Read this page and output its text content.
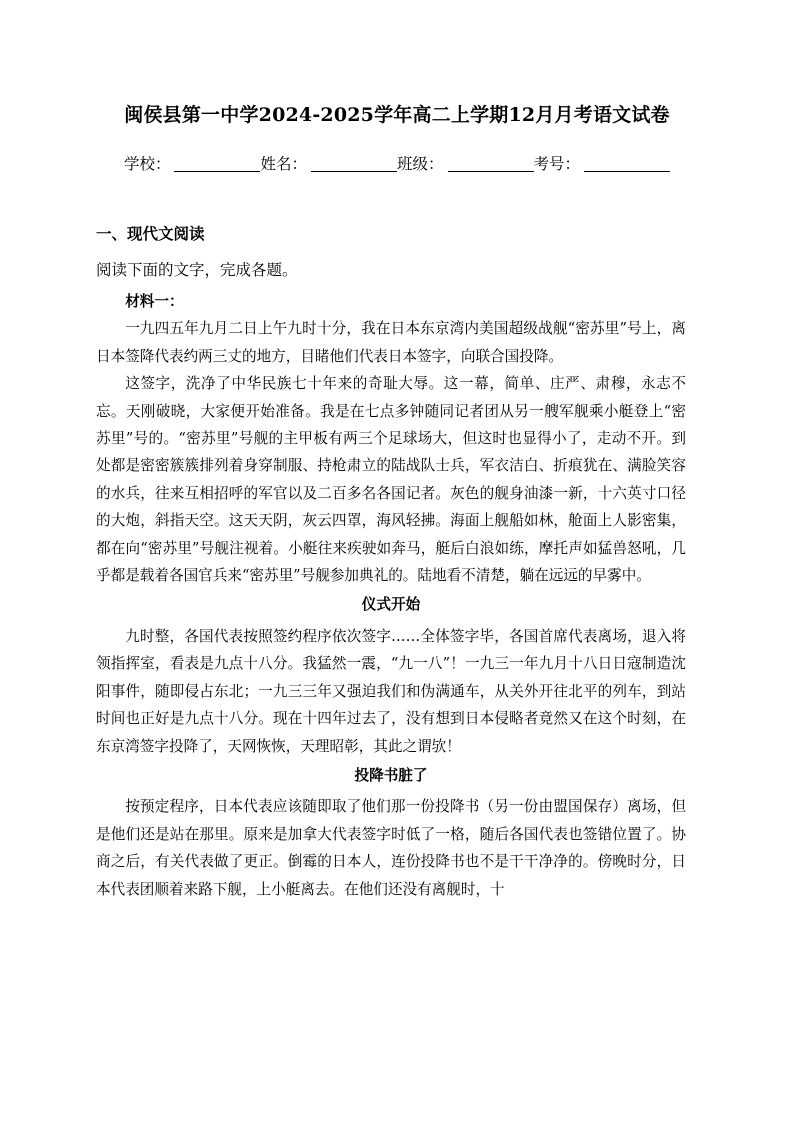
闽侯县第一中学2024-2025学年高二上学期12月月考语文试卷
学校：	姓名：	班级：	考号：
一、现代文阅读
阅读下面的文字，完成各题。

材料一：

一九四五年九月二日上午九时十分，我在日本东京湾内美国超级战舰“密苏里”号上，离日本签降代表约两三丈的地方，目睹他们代表日本签字，向联合国投降。

这签字，洗净了中华民族七十年来的奇耻大辱。这一幕，简单、庄严、肃穆，永志不忘。天刚破晓，大家便开始准备。我是在七点多钟随同记者团从另一艘军舰乘小艇登上“密苏里”号的。“密苏里”号舰的主甲板有两三个足球场大，但这时也显得小了，走动不开。到处都是密密簇簇排列着身穿制服、持枪肃立的陆战队士兵，军衣洁白、折痕犹在、满脸笑容的水兵，往来互相招呼的军官以及二百多名各国记者。灰色的舰身油漆一新，十六英寸口径的大炮，斜指天空。这天天阴，灰云四罩，海风轻拂。海面上舰船如林，舱面上人影密集，都在向“密苏里”号舰注视着。小艇往来疾驶如奔马，艇后白浪如练，摩托声如猛兽怒吼，几乎都是载着各国官兵来“密苏里”号舰参加典礼的。陆地看不清楚，躺在远远的早雾中。

仪式开始

九时整，各国代表按照签约程序依次签字……全体签字毕，各国首席代表离场，退入将领指挥室，看表是九点十八分。我猛然一震，“九一八”！一九三一年九月十八日日寇制造沈阳事件，随即侵占东北；一九三三年又强迫我们和伪满通车，从关外开往北平的列车，到站时间也正好是九点十八分。现在十四年过去了，没有想到日本侵略者竟然又在这个时刻，在东京湾签字投降了，天网恢恢，天理昭彰，其此之谓欤！

投降书脏了

按预定程序，日本代表应该随即取了他们那一份投降书（另一份由盟国保存）离场，但是他们还是站在那里。原来是加拿大代表签字时低了一格，随后各国代表也签错位置了。协商之后，有关代表做了更正。倒霉的日本人，连份投降书也不是干干净净的。傍晚时分，日本代表团顺着来路下舰，上小艇离去。在他们还没有离舰时，十
